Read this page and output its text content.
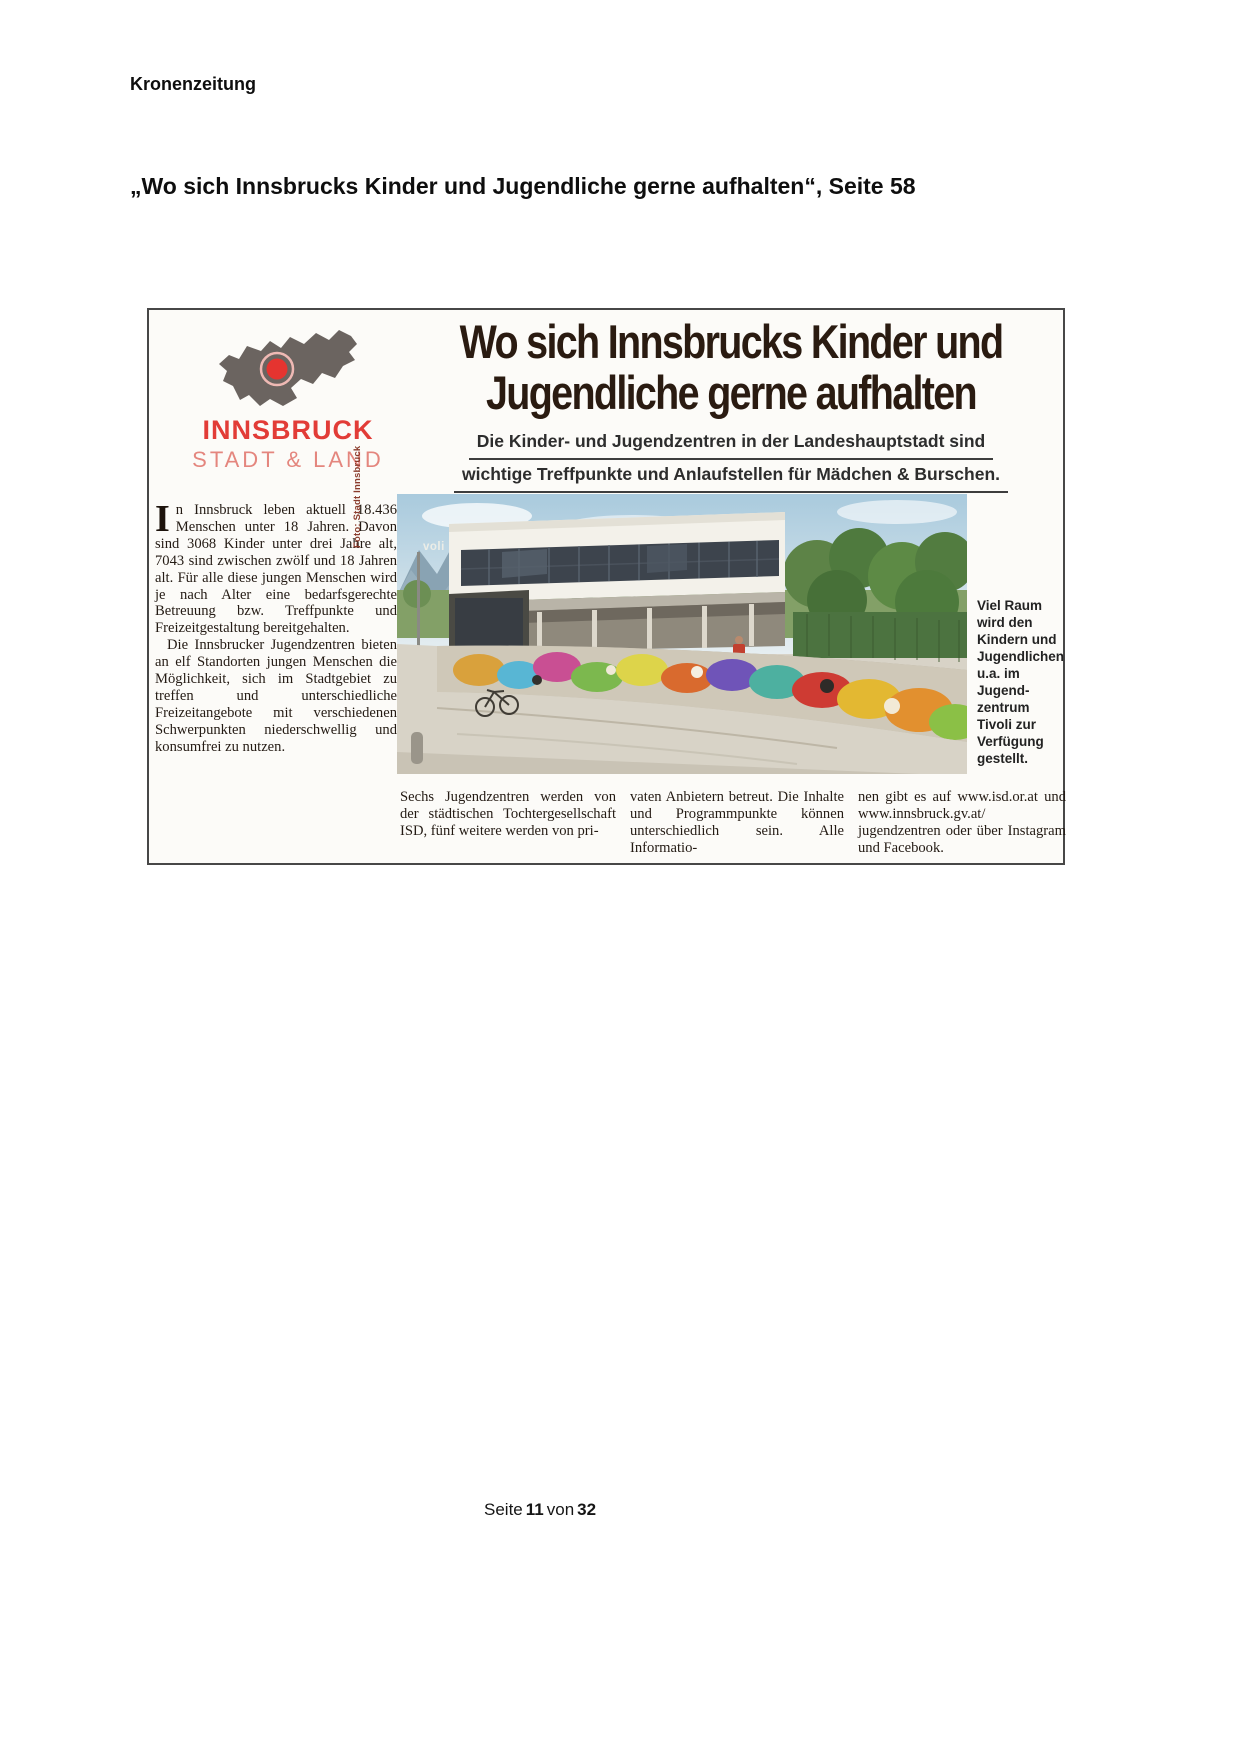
Kronenzeitung
„Wo sich Innsbrucks Kinder und Jugendliche gerne aufhalten“, Seite 58
INNSBRUCK
STADT & LAND
Wo sich Innsbrucks Kinder und
Jugendliche gerne aufhalten
Die Kinder- und Jugendzentren in der Landeshauptstadt sind
wichtige Treffpunkte und Anlaufstellen für Mädchen & Burschen.

In Innsbruck leben aktuell 18.436 Menschen unter 18 Jahren. Davon sind 3068 Kinder unter drei Jahre alt, 7043 sind zwischen zwölf und 18 Jahren alt. Für alle diese jungen Menschen wird je nach Alter eine bedarfsgerechte Betreuung bzw. Treffpunkte und Freizeitgestaltung bereitgehalten.

Die Innsbrucker Jugendzentren bieten an elf Standorten jungen Menschen die Möglichkeit, sich im Stadtgebiet zu treffen und unterschiedliche Freizeitangebote mit verschiedenen Schwerpunkten niederschwellig und konsumfrei zu nutzen.

Foto: Stadt Innsbruck	voli
Viel Raum wird den Kindern und Jugendlichen u.a. im Jugend- zentrum Tivoli zur Verfügung gestellt.
Sechs Jugendzentren werden von der städtischen Tochtergesellschaft ISD, fünf weitere werden von pri-
vaten Anbietern betreut. Die Inhalte und Programmpunkte können unterschiedlich sein. Alle Informatio-
nen gibt es auf www.isd.or.at und www.innsbruck.gv.at/ jugendzentren oder über Instagram und Facebook.
Seite 11 von 32
